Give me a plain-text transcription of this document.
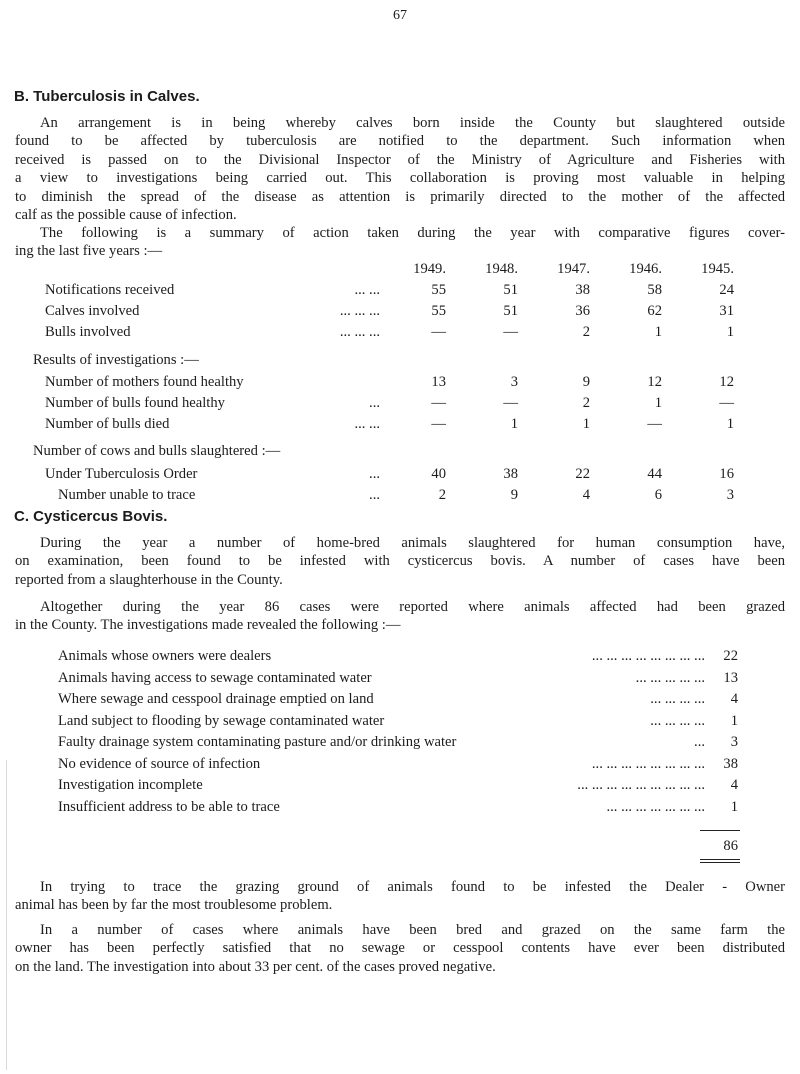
67
B. Tuberculosis in Calves.
An arrangement is in being whereby calves born inside the County but slaughtered outside
found to be affected by tuberculosis are notified to the department. Such information when
received is passed on to the Divisional Inspector of the Ministry of Agriculture and Fisheries with
a view to investigations being carried out. This collaboration is proving most valuable in helping
to diminish the spread of the disease as attention is primarily directed to the mother of the affected
calf as the possible cause of infection.
The following is a summary of action taken during the year with comparative figures cover-
ing the last five years :—
1949.	1948.	1947.	1946.	1945.
Notifications received	... ...	55	51	38	58	24
Calves involved	... ... ...	55	51	36	62	31
Bulls involved	... ... ...	—	—	2	1	1
Results of investigations :—
Number of mothers found healthy	13	3	9	12	12
Number of bulls found healthy	...	—	—	2	1	—
Number of bulls died	... ...	—	1	1	—	1
Number of cows and bulls slaughtered :—
Under Tuberculosis Order	...	40	38	22	44	16
Number unable to trace	...	2	9	4	6	3
C. Cysticercus Bovis.
During the year a number of home-bred animals slaughtered for human consumption have,
on examination, been found to be infested with cysticercus bovis. A number of cases have been
reported from a slaughterhouse in the County.
Altogether during the year 86 cases were reported where animals affected had been grazed
in the County. The investigations made revealed the following :—
Animals whose owners were dealers	... ... ... ... ... ... ... ...	22
Animals having access to sewage contaminated water	... ... ... ... ...	13
Where sewage and cesspool drainage emptied on land	... ... ... ...	4
Land subject to flooding by sewage contaminated water	... ... ... ...	1
Faulty drainage system contaminating pasture and/or drinking water	...	3
No evidence of source of infection	... ... ... ... ... ... ... ...	38
Investigation incomplete	... ... ... ... ... ... ... ... ...	4
Insufficient address to be able to trace	... ... ... ... ... ... ...	1
86
In trying to trace the grazing ground of animals found to be infested the Dealer - Owner
animal has been by far the most troublesome problem.
In a number of cases where animals have been bred and grazed on the same farm the
owner has been perfectly satisfied that no sewage or cesspool contents have ever been distributed
on the land. The investigation into about 33 per cent. of the cases proved negative.
